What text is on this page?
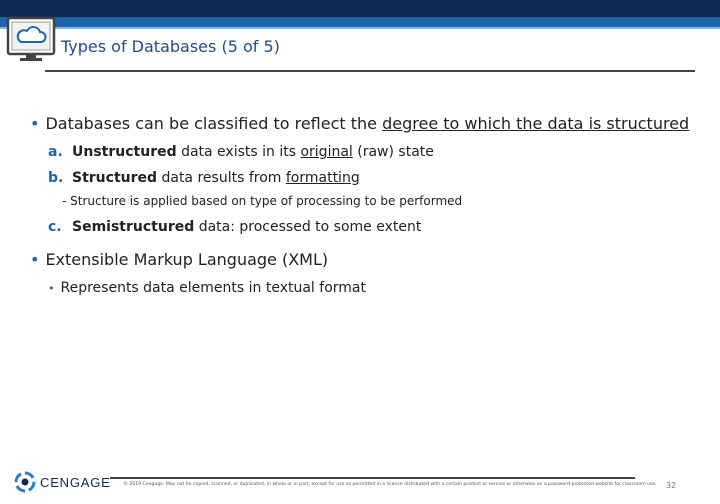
Types of Databases (5 of 5)
• Databases can be classified to reflect the degree to which the data is structured
a. Unstructured data exists in its original (raw) state
b. Structured data results from formatting
- Structure is applied based on type of processing to be performed
c. Semistructured data: processed to some extent
• Extensible Markup Language (XML)
• Represents data elements in textual format
CENGAGE	© 2019 Cengage. May not be copied, scanned, or duplicated, in whole or in part, except for use as permitted in a license distributed with a certain product or service or otherwise on a password-protected website for classroom use.	32
